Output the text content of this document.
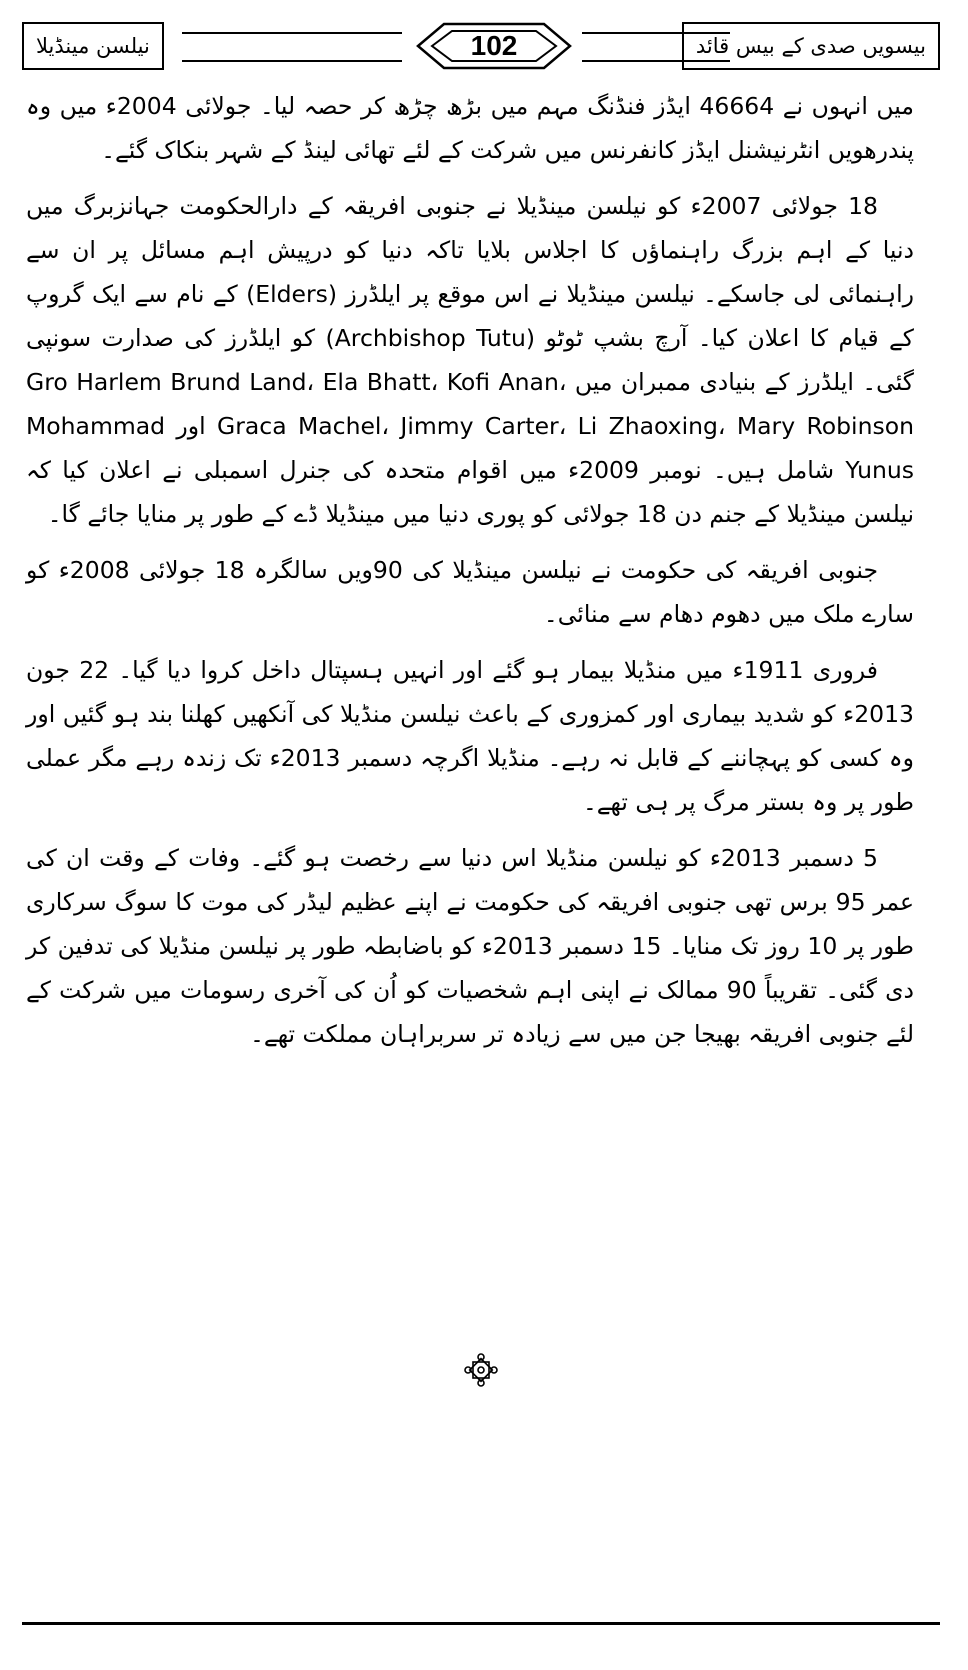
نیلسن مینڈیلا	102	بیسویں صدی کے بیس قائد

میں انہوں نے 46664 ایڈز فنڈنگ مہم میں بڑھ چڑھ کر حصہ لیا۔ جولائی 2004ء میں وہ پندرھویں انٹرنیشنل ایڈز کانفرنس میں شرکت کے لئے تھائی لینڈ کے شہر بنکاک گئے۔

18 جولائی 2007ء کو نیلسن مینڈیلا نے جنوبی افریقہ کے دارالحکومت جہانزبرگ میں دنیا کے اہم بزرگ راہنماؤں کا اجلاس بلایا تاکہ دنیا کو درپیش اہم مسائل پر ان سے راہنمائی لی جاسکے۔ نیلسن مینڈیلا نے اس موقع پر ایلڈرز (Elders) کے نام سے ایک گروپ کے قیام کا اعلان کیا۔ آرچ بشپ ٹوٹو (Archbishop Tutu) کو ایلڈرز کی صدارت سونپی گئی۔ ایلڈرز کے بنیادی ممبران میں Gro Harlem Brund Land، Ela Bhatt، Kofi Anan، Graca Machel، Jimmy Carter، Li Zhaoxing، Mary Robinson اور Mohammad Yunus شامل ہیں۔ نومبر 2009ء میں اقوام متحدہ کی جنرل اسمبلی نے اعلان کیا کہ نیلسن مینڈیلا کے جنم دن 18 جولائی کو پوری دنیا میں مینڈیلا ڈے کے طور پر منایا جائے گا۔

جنوبی افریقہ کی حکومت نے نیلسن مینڈیلا کی 90ویں سالگرہ 18 جولائی 2008ء کو سارے ملک میں دھوم دھام سے منائی۔

فروری 1911ء میں منڈیلا بیمار ہو گئے اور انہیں ہسپتال داخل کروا دیا گیا۔ 22 جون 2013ء کو شدید بیماری اور کمزوری کے باعث نیلسن منڈیلا کی آنکھیں کھلنا بند ہو گئیں اور وہ کسی کو پہچاننے کے قابل نہ رہے۔ منڈیلا اگرچہ دسمبر 2013ء تک زندہ رہے مگر عملی طور پر وہ بستر مرگ پر ہی تھے۔

5 دسمبر 2013ء کو نیلسن منڈیلا اس دنیا سے رخصت ہو گئے۔ وفات کے وقت ان کی عمر 95 برس تھی جنوبی افریقہ کی حکومت نے اپنے عظیم لیڈر کی موت کا سوگ سرکاری طور پر 10 روز تک منایا۔ 15 دسمبر 2013ء کو باضابطہ طور پر نیلسن منڈیلا کی تدفین کر دی گئی۔ تقریباً 90 ممالک نے اپنی اہم شخصیات کو اُن کی آخری رسومات میں شرکت کے لئے جنوبی افریقہ بھیجا جن میں سے زیادہ تر سربراہان مملکت تھے۔
